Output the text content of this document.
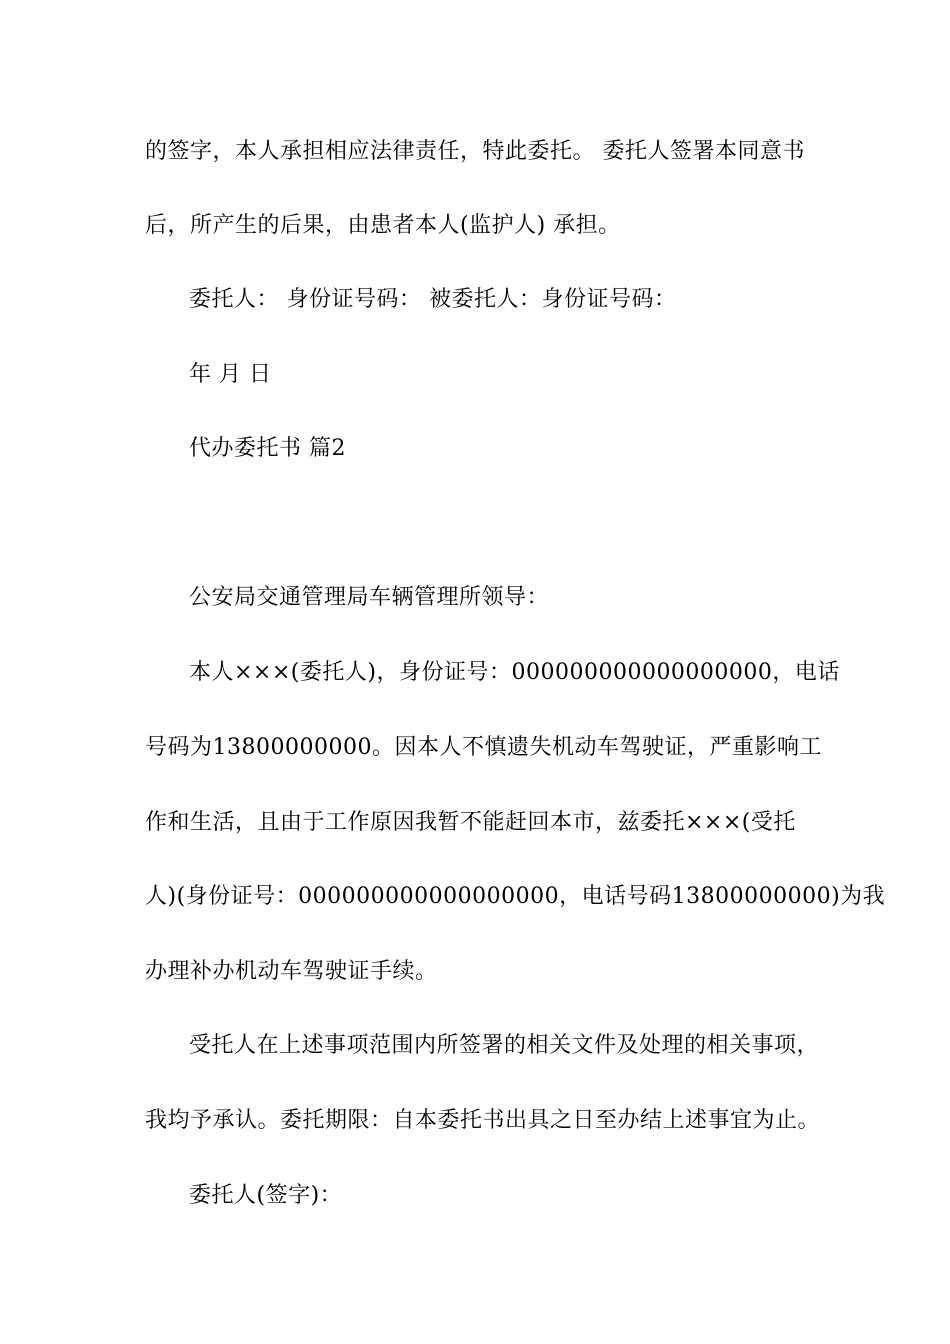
的签字，本人承担相应法律责任，特此委托。 委托人签署本同意书
后，所产生的后果，由患者本人(监护人) 承担。
委托人： 身份证号码： 被委托人：身份证号码：
年 月 日
代办委托书 篇2
公安局交通管理局车辆管理所领导：
本人×××(委托人)，身份证号：000000000000000000，电话
号码为13800000000。因本人不慎遗失机动车驾驶证，严重影响工
作和生活，且由于工作原因我暂不能赶回本市，兹委托×××(受托
人)(身份证号：000000000000000000，电话号码13800000000)为我
办理补办机动车驾驶证手续。
受托人在上述事项范围内所签署的相关文件及处理的相关事项，
我均予承认。委托期限：自本委托书出具之日至办结上述事宜为止。
委托人(签字)：
